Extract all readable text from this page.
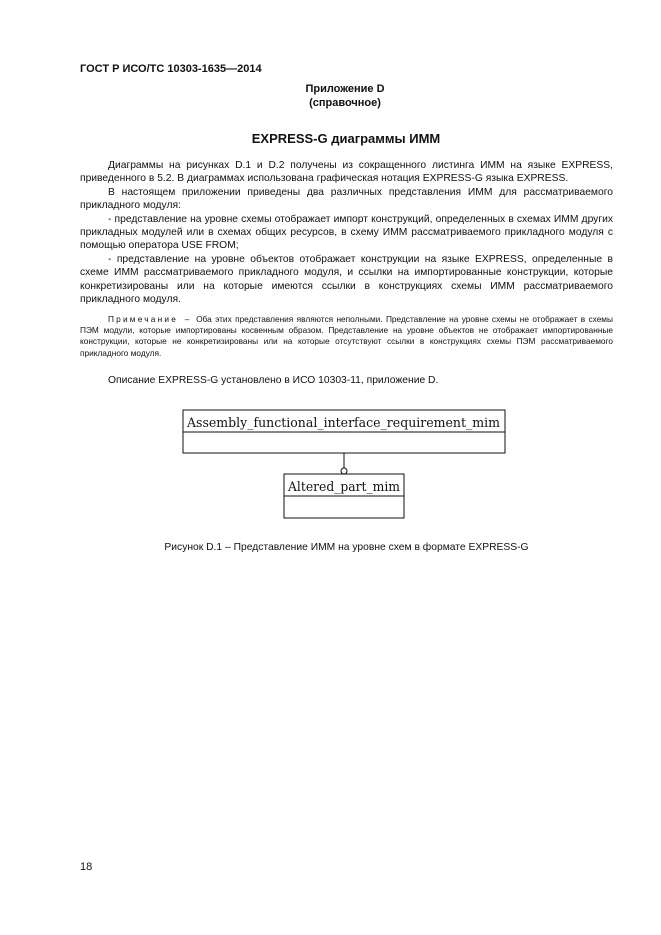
ГОСТ Р ИСО/ТС 10303-1635—2014
Приложение D
(справочное)
EXPRESS-G диаграммы ИММ

Диаграммы на рисунках D.1 и D.2 получены из сокращенного листинга ИММ на языке EXPRESS, приведенного в 5.2. В диаграммах использована графическая нотация EXPRESS-G языка EXPRESS.

В настоящем приложении приведены два различных представления ИММ для рассматриваемого прикладного модуля:

- представление на уровне схемы отображает импорт конструкций, определенных в схемах ИММ других прикладных модулей или в схемах общих ресурсов, в схему ИММ рассматриваемого прикладного модуля с помощью оператора USE FROM;

- представление на уровне объектов отображает конструкции на языке EXPRESS, определенные в схеме ИММ рассматриваемого прикладного модуля, и ссылки на импортированные конструкции, которые конкретизированы или на которые имеются ссылки в конструкциях схемы ИММ рассматриваемого прикладного модуля.

Примечание – Оба этих представления являются неполными. Представление на уровне схемы не отображает в схемы ПЭМ модули, которые импортированы косвенным образом. Представление на уровне объектов не отображает импортированные конструкции, которые не конкретизированы или на которые отсутствуют ссылки в конструкциях схемы ПЭМ рассматриваемого прикладного модуля.
Описание EXPRESS-G установлено в ИСО 10303-11, приложение D.
Assembly_functional_interface_requirement_mim
Altered_part_mim
Рисунок D.1 – Представление ИММ на уровне схем в формате EXPRESS-G
18
